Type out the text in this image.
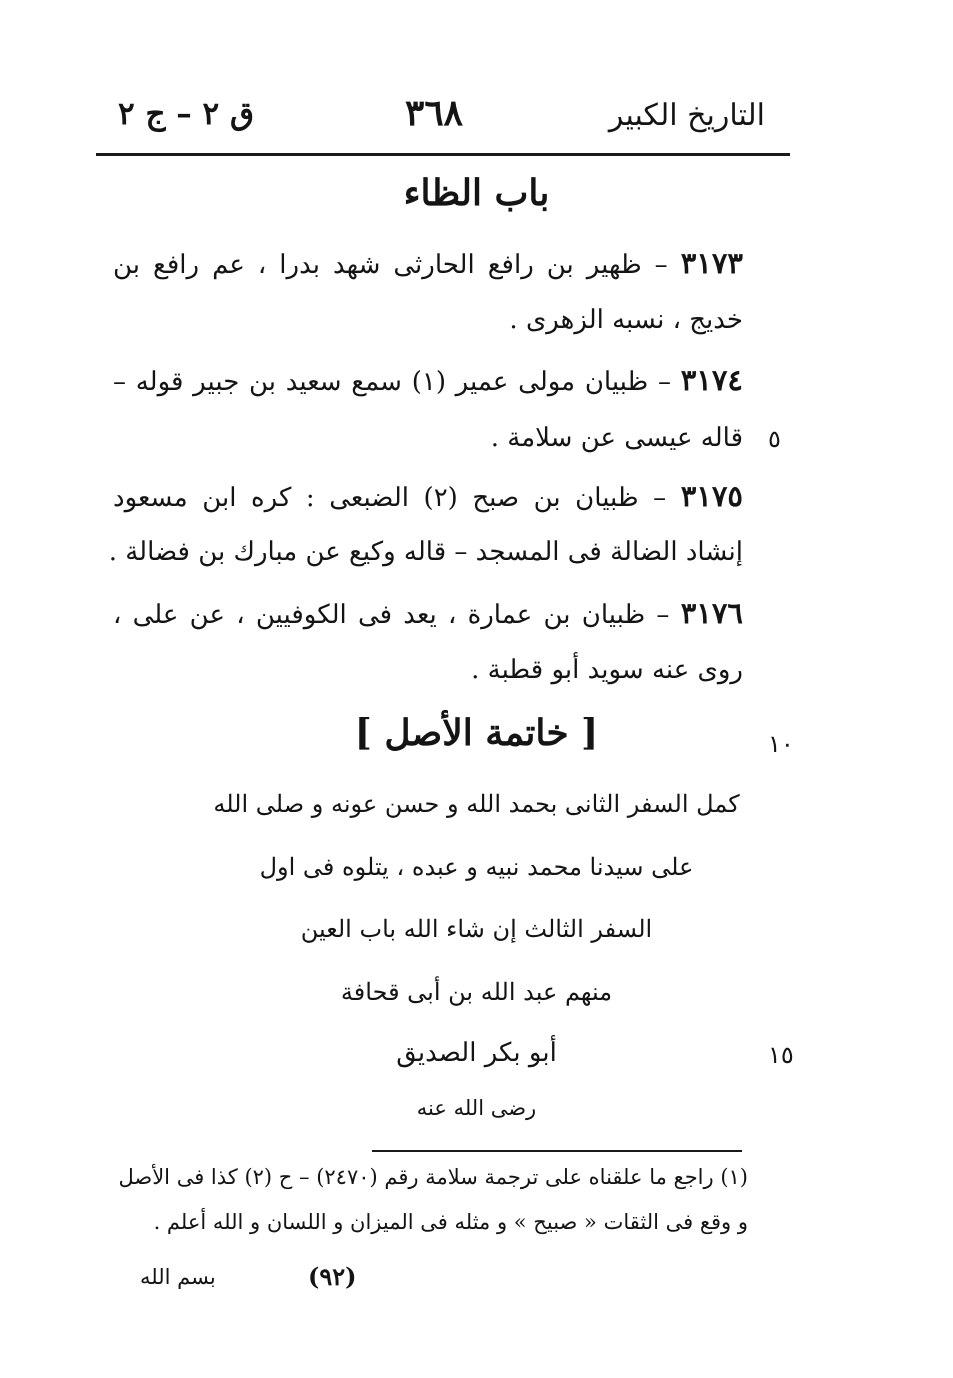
التاريخ الكبير
٣٦٨
ق ٢ – ج ٢
باب الظاء
٣١٧٣ – ظهير بن رافع الحارثى شهد بدرا ، عم رافع بن
خديج ، نسبه الزهرى .
٣١٧٤ – ظبيان مولى عمير (١) سمع سعيد بن جبير قوله –
قاله عيسى عن سلامة .
٣١٧٥ – ظبيان بن صبح (٢) الضبعى : كره ابن مسعود
إنشاد الضالة فى المسجد – قاله وكيع عن مبارك بن فضالة .
٣١٧٦ – ظبيان بن عمارة ، يعد فى الكوفيين ، عن على ،
روى عنه سويد أبو قطبة .
٥
١٠
١٥
[ خاتمة الأصل ]
كمل السفر الثانى بحمد الله و حسن عونه و صلى الله
على سيدنا محمد نبيه و عبده ، يتلوه فى اول
السفر الثالث إن شاء الله باب العين
منهم عبد الله بن أبى قحافة
أبو بكر الصديق
رضى الله عنه
(١) راجع ما علقناه على ترجمة سلامة رقم (٢٤٧٠) – ح (٢) كذا فى الأصل
و وقع فى الثقات « صبيح » و مثله فى الميزان و اللسان و الله أعلم .
(٩٢)
بسم الله
